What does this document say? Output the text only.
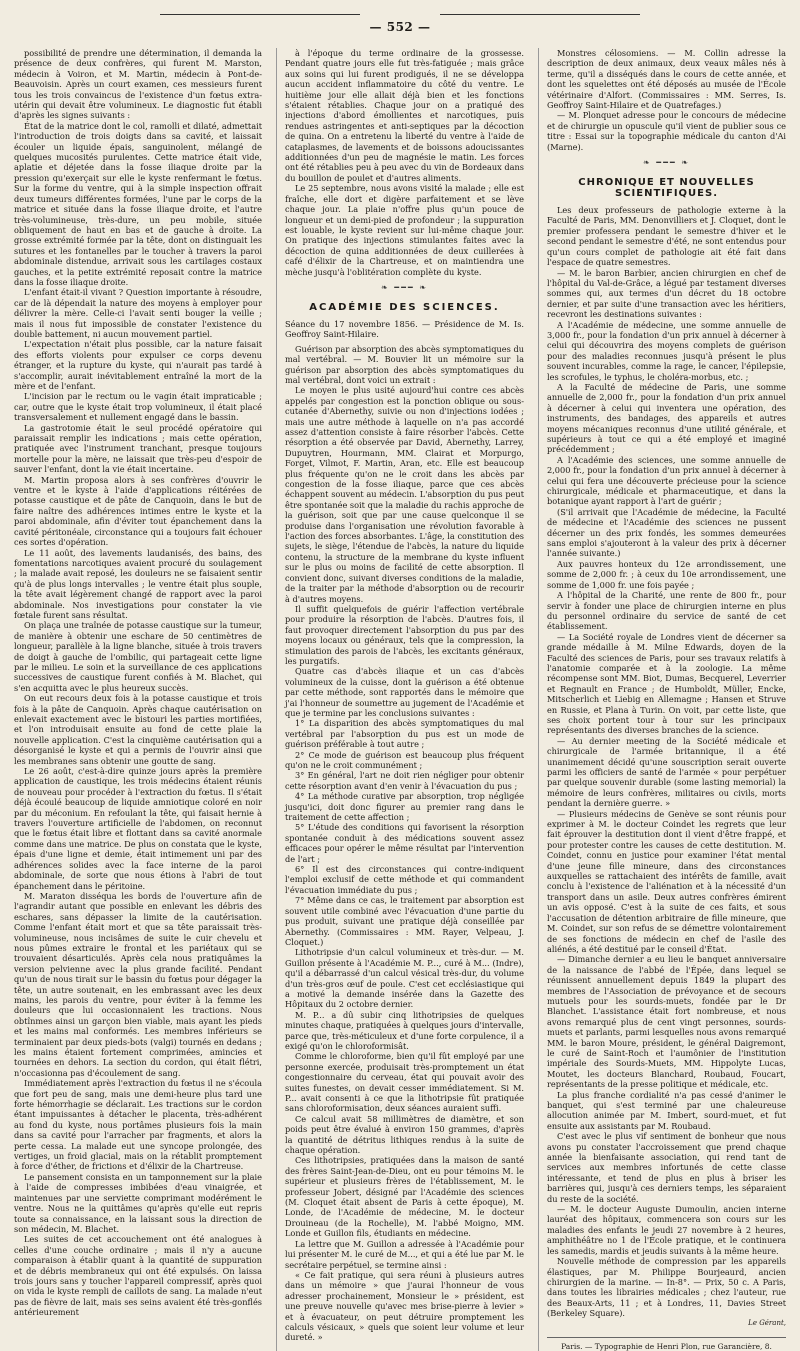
— 552 —

possibilité de prendre une détermination, il demanda la présence de deux confrères, qui furent M. Marston, médecin à Voiron, et M. Martin, médecin à Pont-de-Beauvoisin. Après un court examen, ces messieurs furent tous les trois convaincus de l'existence d'un fœtus extra-utérin qui devait être volumineux. Le diagnostic fut établi d'après les signes suivants :

État de la matrice dont le col, ramolli et dilaté, admettait l'introduction de trois doigts dans sa cavité, et laissait écouler un liquide épais, sanguinolent, mélangé de quelques mucosités purulentes. Cette matrice était vide, aplatie et déjetée dans la fosse iliaque droite par la pression qu'exerçait sur elle le kyste renfermant le fœtus. Sur la forme du ventre, qui à la simple inspection offrait deux tumeurs différentes formées, l'une par le corps de la matrice et située dans la fosse iliaque droite, et l'autre très-volumineuse, très-dure, un peu mobile, située obliquement de haut en bas et de gauche à droite. La grosse extrémité formée par la tête, dont on distinguait les sutures et les fontanelles par le toucher à travers la paroi abdominale distendue, arrivait sous les cartilages costaux gauches, et la petite extrémité reposait contre la matrice dans la fosse iliaque droite.

L'enfant était-il vivant ? Question importante à résoudre, car de là dépendait la nature des moyens à employer pour délivrer la mère. Celle-ci l'avait senti bouger la veille ; mais il nous fut impossible de constater l'existence du double battement, ni aucun mouvement partiel.

L'expectation n'était plus possible, car la nature faisait des efforts violents pour expulser ce corps devenu étranger, et la rupture du kyste, qui n'aurait pas tardé à s'accomplir, aurait inévitablement entraîné la mort de la mère et de l'enfant.

L'incision par le rectum ou le vagin était impraticable ; car, outre que le kyste était trop volumineux, il était placé transversalement et nullement engagé dans le bassin.

La gastrotomie était le seul procédé opératoire qui paraissait remplir les indications ; mais cette opération, pratiquée avec l'instrument tranchant, presque toujours mortelle pour la mère, ne laissait que très-peu d'espoir de sauver l'enfant, dont la vie était incertaine.

M. Martin proposa alors à ses confrères d'ouvrir le ventre et le kyste à l'aide d'applications réitérées de potasse caustique et de pâte de Canquoin, dans le but de faire naître des adhérences intimes entre le kyste et la paroi abdominale, afin d'éviter tout épanchement dans la cavité péritonéale, circonstance qui a toujours fait échouer ces sortes d'opération.

Le 11 août, des lavements laudanisés, des bains, des fomentations narcotiques avaient procuré du soulagement ; la malade avait reposé, les douleurs ne se faisaient sentir qu'à de plus longs intervalles ; le ventre était plus souple, la tête avait légèrement changé de rapport avec la paroi abdominale. Nos investigations pour constater la vie fœtale furent sans résultat.

On plaça une traînée de potasse caustique sur la tumeur, de manière à obtenir une eschare de 50 centimètres de longueur, parallèle à la ligne blanche, située à trois travers de doigt à gauche de l'ombilic, qui partageait cette ligne par le milieu. Le soin et la surveillance de ces applications successives de caustique furent confiés à M. Blachet, qui s'en acquitta avec le plus heureux succès.

On eut recours deux fois à la potasse caustique et trois fois à la pâte de Canquoin. Après chaque cautérisation on enlevait exactement avec le bistouri les parties mortifiées, et l'on introduisait ensuite au fond de cette plaie la nouvelle application. C'est la cinquième cautérisation qui a désorganisé le kyste et qui a permis de l'ouvrir ainsi que les membranes sans obtenir une goutte de sang.

Le 26 août, c'est-à-dire quinze jours après la première application de caustique, les trois médecins étaient réunis de nouveau pour procéder à l'extraction du fœtus. Il s'était déjà écoulé beaucoup de liquide amniotique coloré en noir par du méconium. En refoulant la tête, qui faisait hernie à travers l'ouverture artificielle de l'abdomen, on reconnut que le fœtus était libre et flottant dans sa cavité anormale comme dans une matrice. De plus on constata que le kyste, épais d'une ligne et demie, était intimement uni par des adhérences solides avec la face interne de la paroi abdominale, de sorte que nous étions à l'abri de tout épanchement dans le péritoine.

M. Maraton disséqua les bords de l'ouverture afin de l'agrandir autant que possible en enlevant les débris des eschares, sans dépasser la limite de la cautérisation. Comme l'enfant était mort et que sa tête paraissait très-volumineuse, nous incisâmes de suite le cuir chevelu et nous pûmes extraire le frontal et les pariétaux qui se trouvaient désarticulés. Après cela nous pratiquâmes la version pelvienne avec la plus grande facilité. Pendant qu'un de nous tirait sur le bassin du fœtus pour dégager la tête, un autre soutenait, en les embrassant avec les deux mains, les parois du ventre, pour éviter à la femme les douleurs que lui occasionnaient les tractions. Nous obtînmes ainsi un garçon bien viable, mais ayant les pieds et les mains mal conformés. Les membres inférieurs se terminaient par deux pieds-bots (valgi) tournés en dedans ; les mains étaient fortement comprimées, amincies et tournées en dehors. La section du cordon, qui était flétri, n'occasionna pas d'écoulement de sang.

Immédiatement après l'extraction du fœtus il ne s'écoula que fort peu de sang, mais une demi-heure plus tard une forte hémorrhagie se déclarait. Les tractions sur le cordon étant impuissantes à détacher le placenta, très-adhérent au fond du kyste, nous portâmes plusieurs fois la main dans sa cavité pour l'arracher par fragments, et alors la perte cessa. La malade eut une syncope prolongée, des vertiges, un froid glacial, mais on la rétablit promptement à force d'éther, de frictions et d'élixir de la Chartreuse.

Le pansement consista en un tamponnement sur la plaie à l'aide de compresses imbibées d'eau vinaigrée, et maintenues par une serviette comprimant modérément le ventre. Nous ne la quittâmes qu'après qu'elle eut repris toute sa connaissance, en la laissant sous la direction de son médecin, M. Blachet.

Les suites de cet accouchement ont été analogues à celles d'une couche ordinaire ; mais il n'y a aucune comparaison à établir quant à la quantité de suppuration et de débris membraneux qui ont été expulsés. On laissa trois jours sans y toucher l'appareil compressif, après quoi on vida le kyste rempli de caillots de sang. La malade n'eut pas de fièvre de lait, mais ses seins avaient été très-gonflés antérieurement

à l'époque du terme ordinaire de la grossesse. Pendant quatre jours elle fut très-fatiguée ; mais grâce aux soins qui lui furent prodigués, il ne se développa aucun accident inflammatoire du côté du ventre. Le huitième jour elle allait déjà bien et les fonctions s'étaient rétablies. Chaque jour on a pratiqué des injections d'abord émollientes et narcotiques, puis rendues astringentes et anti-septiques par la décoction de quina. On a entretenu la liberté du ventre à l'aide de cataplasmes, de lavements et de boissons adoucissantes additionnées d'un peu de magnésie le matin. Les forces ont été rétablies peu à peu avec du vin de Bordeaux dans du bouillon de poulet et d'autres aliments.

Le 25 septembre, nous avons visité la malade ; elle est fraîche, elle dort et digère parfaitement et se lève chaque jour. La plaie n'offre plus qu'un pouce de longueur et un demi-pied de profondeur ; la suppuration est louable, le kyste revient sur lui-même chaque jour. On pratique des injections stimulantes faites avec la décoction de quina additionnées de deux cuillerées à café d'élixir de la Chartreuse, et on maintiendra une mèche jusqu'à l'oblitération complète du kyste.

❧ ━━━ ❧
ACADÉMIE DES SCIENCES.

Séance du 17 novembre 1856. — Présidence de M. Is. Geoffroy Saint-Hilaire.

Guérison par absorption des abcès symptomatiques du mal vertébral. — M. Bouvier lit un mémoire sur la guérison par absorption des abcès symptomatiques du mal vertébral, dont voici un extrait :

Le moyen le plus usité aujourd'hui contre ces abcès appelés par congestion est la ponction oblique ou sous-cutanée d'Abernethy, suivie ou non d'injections iodées ; mais une autre méthode à laquelle on n'a pas accordé assez d'attention consiste à faire résorber l'abcès. Cette résorption a été observée par David, Abernethy, Larrey, Dupuytren, Hourmann, MM. Clairat et Morpurgo, Forget, Vilmot, F. Martin, Aran, etc. Elle est beaucoup plus fréquente qu'on ne le croit dans les abcès par congestion de la fosse iliaque, parce que ces abcès échappent souvent au médecin. L'absorption du pus peut être spontanée soit que la maladie du rachis approche de la guérison, soit que par une cause quelconque il se produise dans l'organisation une révolution favorable à l'action des forces absorbantes. L'âge, la constitution des sujets, le siège, l'étendue de l'abcès, la nature du liquide contenu, la structure de la membrane du kyste influent sur le plus ou moins de facilité de cette absorption. Il convient donc, suivant diverses conditions de la maladie, de la traiter par la méthode d'absorption ou de recourir à d'autres moyens.

Il suffit quelquefois de guérir l'affection vertébrale pour produire la résorption de l'abcès. D'autres fois, il faut provoquer directement l'absorption du pus par des moyens locaux ou généraux, tels que la compression, la stimulation des parois de l'abcès, les excitants généraux, les purgatifs.

Quatre cas d'abcès iliaque et un cas d'abcès volumineux de la cuisse, dont la guérison a été obtenue par cette méthode, sont rapportés dans le mémoire que j'ai l'honneur de soumettre au jugement de l'Académie et que je termine par les conclusions suivantes :

1° La disparition des abcès symptomatiques du mal vertébral par l'absorption du pus est un mode de guérison préférable à tout autre ;

2° Ce mode de guérison est beaucoup plus fréquent qu'on ne le croit communément ;

3° En général, l'art ne doit rien négliger pour obtenir cette résorption avant d'en venir à l'évacuation du pus ;

4° La méthode curative par absorption, trop négligée jusqu'ici, doit donc figurer au premier rang dans le traitement de cette affection ;

5° L'étude des conditions qui favorisent la résorption spontanée conduit à des médications souvent assez efficaces pour opérer le même résultat par l'intervention de l'art ;

6° Il est des circonstances qui contre-indiquent l'emploi exclusif de cette méthode et qui commandent l'évacuation immédiate du pus ;

7° Même dans ce cas, le traitement par absorption est souvent utile combiné avec l'évacuation d'une partie du pus produit, suivant une pratique déjà conseillée par Abernethy. (Commissaires : MM. Rayer, Velpeau, J. Cloquet.)

Lithotripsie d'un calcul volumineux et très-dur. — M. Guillon présente à l'Académie M. P..., curé à M... (Indre), qu'il a débarrassé d'un calcul vésical très-dur, du volume d'un très-gros œuf de poule. C'est cet ecclésiastique qui a motivé la demande insérée dans la Gazette des Hôpitaux du 2 octobre dernier.

M. P... a dû subir cinq lithotripsies de quelques minutes chaque, pratiquées à quelques jours d'intervalle, parce que, très-méticuleux et d'une forte corpulence, il a exigé qu'on le chloroformisât.

Comme le chloroforme, bien qu'il fût employé par une personne exercée, produisait très-promptement un état congestionnaire du cerveau, état qui pouvait avoir des suites funestes, on devait cesser immédiatement. Si M. P... avait consenti à ce que la lithotripsie fût pratiquée sans chloroformisation, deux séances auraient suffi.

Ce calcul avait 58 millimètres de diamètre, et son poids peut être évalué à environ 150 grammes, d'après la quantité de détritus lithiques rendus à la suite de chaque opération.

Ces lithotripsies, pratiquées dans la maison de santé des frères Saint-Jean-de-Dieu, ont eu pour témoins M. le supérieur et plusieurs frères de l'établissement, M. le professeur Jobert, désigné par l'Académie des sciences (M. Cloquet était absent de Paris à cette époque), M. Londe, de l'Académie de médecine, M. le docteur Drouineau (de la Rochelle), M. l'abbé Moigno, MM. Londe et Guillon fils, étudiants en médecine.

La lettre que M. Guillon a adressée à l'Académie pour lui présenter M. le curé de M..., et qui a été lue par M. le secrétaire perpétuel, se termine ainsi :

« Ce fait pratique, qui sera réuni à plusieurs autres dans un mémoire » que j'aurai l'honneur de vous adresser prochainement, Monsieur le » président, est une preuve nouvelle qu'avec mes brise-pierre à levier » et à évacuateur, on peut détruire promptement les calculs vésicaux, » quels que soient leur volume et leur dureté. »

Monstres célosomiens. — M. Collin adresse la description de deux animaux, deux veaux mâles nés à terme, qu'il a disséqués dans le cours de cette année, et dont les squelettes ont été déposés au musée de l'École vétérinaire d'Alfort. (Commissaires : MM. Serres, Is. Geoffroy Saint-Hilaire et de Quatrefages.)

— M. Plonquet adresse pour le concours de médecine et de chirurgie un opuscule qu'il vient de publier sous ce titre : Essai sur la topographie médicale du canton d'Ai (Marne).

❧ ━━━ ❧
CHRONIQUE ET NOUVELLES SCIENTIFIQUES.

Les deux professeurs de pathologie externe à la Faculté de Paris, MM. Denonvilliers et J. Cloquet, dont le premier professera pendant le semestre d'hiver et le second pendant le semestre d'été, ne sont entendus pour qu'un cours complet de pathologie ait été fait dans l'espace de quatre semestres.

— M. le baron Barbier, ancien chirurgien en chef de l'hôpital du Val-de-Grâce, a légué par testament diverses sommes qui, aux termes d'un décret du 18 octobre dernier, et par suite d'une transaction avec les héritiers, recevront les destinations suivantes :

A l'Académie de médecine, une somme annuelle de 3,000 fr., pour la fondation d'un prix annuel à décerner à celui qui découvrira des moyens complets de guérison pour des maladies reconnues jusqu'à présent le plus souvent incurables, comme la rage, le cancer, l'épilepsie, les scrofules, le typhus, le choléra-morbus, etc. ;

A la Faculté de médecine de Paris, une somme annuelle de 2,000 fr., pour la fondation d'un prix annuel à décerner à celui qui inventera une opération, des instruments, des bandages, des appareils et autres moyens mécaniques reconnus d'une utilité générale, et supérieurs à tout ce qui a été employé et imaginé précédemment ;

A l'Académie des sciences, une somme annuelle de 2,000 fr., pour la fondation d'un prix annuel à décerner à celui qui fera une découverte précieuse pour la science chirurgicale, médicale et pharmaceutique, et dans la botanique ayant rapport à l'art de guérir ;

(S'il arrivait que l'Académie de médecine, la Faculté de médecine et l'Académie des sciences ne pussent décerner un des prix fondés, les sommes demeurées sans emploi s'ajouteront à la valeur des prix à décerner l'année suivante.)

Aux pauvres honteux du 12e arrondissement, une somme de 2,000 fr. ; à ceux du 10e arrondissement, une somme de 1,000 fr. une fois payée ;

A l'hôpital de la Charité, une rente de 800 fr., pour servir à fonder une place de chirurgien interne en plus du personnel ordinaire du service de santé de cet établissement.

— La Société royale de Londres vient de décerner sa grande médaille à M. Milne Edwards, doyen de la Faculté des sciences de Paris, pour ses travaux relatifs à l'anatomie comparée et à la zoologie. La même récompense sont MM. Biot, Dumas, Becquerel, Leverrier et Regnault en France ; de Humboldt, Müller, Encke, Mitscherlich et Liebig en Allemagne ; Hansen et Struve en Russie, et Plana à Turin. On voit, par cette liste, que ses choix portent tour à tour sur les principaux représentants des diverses branches de la science.

— Au dernier meeting de la Société médicale et chirurgicale de l'armée britannique, il a été unanimement décidé qu'une souscription serait ouverte parmi les officiers de santé de l'armée « pour perpétuer par quelque souvenir durable (some lasting memorial) la mémoire de leurs confrères, militaires ou civils, morts pendant la dernière guerre. »

— Plusieurs médecins de Genève se sont réunis pour exprimer à M. le docteur Coindet les regrets que leur fait éprouver la destitution dont il vient d'être frappé, et pour protester contre les causes de cette destitution. M. Coindet, connu en justice pour examiner l'état mental d'une jeune fille mineure, dans des circonstances auxquelles se rattachaient des intérêts de famille, avait conclu à l'existence de l'aliénation et à la nécessité d'un transport dans un asile. Deux autres confrères émirent un avis opposé. C'est à la suite de ces faits, et sous l'accusation de détention arbitraire de fille mineure, que M. Coindet, sur son refus de se démettre volontairement de ses fonctions de médecin en chef de l'asile des aliénés, a été destitué par le conseil d'État.

— Dimanche dernier a eu lieu le banquet anniversaire de la naissance de l'abbé de l'Épée, dans lequel se réunissent annuellement depuis 1849 la plupart des membres de l'Association de prévoyance et de secours mutuels pour les sourds-muets, fondée par le Dr Blanchet. L'assistance était fort nombreuse, et nous avons remarqué plus de cent vingt personnes, sourds-muets et parlants, parmi lesquelles nous avons remarqué MM. le baron Moure, président, le général Daigremont, le curé de Saint-Roch et l'aumônier de l'institution impériale des Sourds-Muets, MM. Hippolyte Lucas, Moutet, les docteurs Blanchard, Roubaud, Foucart, représentants de la presse politique et médicale, etc.

La plus franche cordialité n'a pas cessé d'animer le banquet, qui s'est terminé par une chaleureuse allocution animée par M. Imbert, sourd-muet, et fut ensuite aux assistants par M. Roubaud.

C'est avec le plus vif sentiment de bonheur que nous avons pu constater l'accroissement que prend chaque année la bienfaisante association, qui rend tant de services aux membres infortunés de cette classe intéressante, et tend de plus en plus à briser les barrières qui, jusqu'à ces derniers temps, les séparaient du reste de la société.

— M. le docteur Auguste Dumoulin, ancien interne lauréat des hôpitaux, commencera son cours sur les maladies des enfants le jeudi 27 novembre à 2 heures, amphithéâtre no 1 de l'École pratique, et le continuera les samedis, mardis et jeudis suivants à la même heure.

Nouvelle méthode de compression par les appareils élastiques, par M. Philippe Bourjeaurd, ancien chirurgien de la marine. — In-8°. — Prix, 50 c. A Paris, dans toutes les librairies médicales ; chez l'auteur, rue des Beaux-Arts, 11 ; et à Londres, 11, Davies Street (Berkeley Square).

Le Gérant,
Paris. — Typographie de Henri Plon, rue Garancière, 8.
